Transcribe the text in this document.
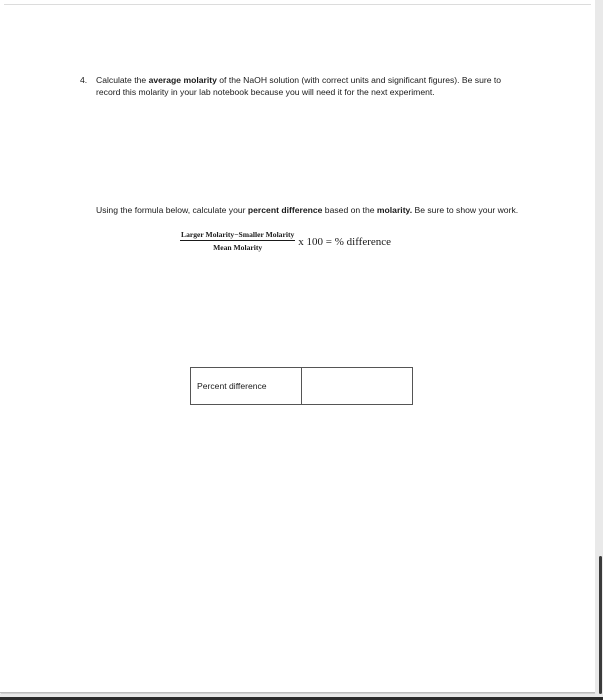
4. Calculate the average molarity of the NaOH solution (with correct units and significant figures). Be sure to record this molarity in your lab notebook because you will need it for the next experiment.
Using the formula below, calculate your percent difference based on the molarity. Be sure to show your work.
$\frac{\text{Larger Molarity−Smaller Molarity}}{\text{Mean Molarity}}$ x 100 = % difference
Percent difference	
